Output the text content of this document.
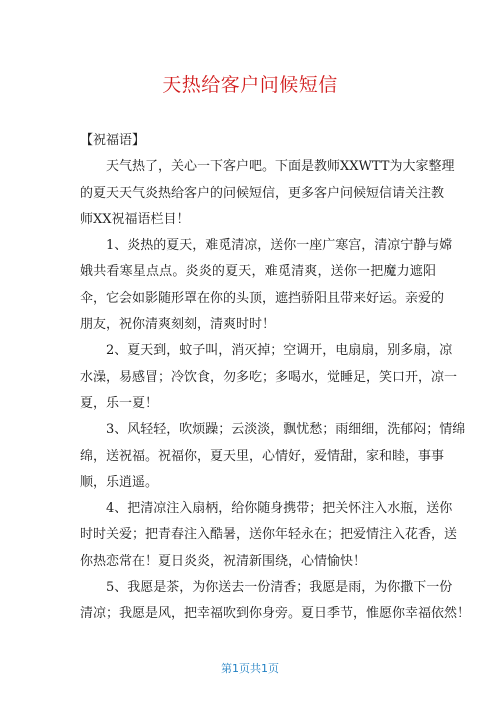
天热给客户问候短信
【祝福语】
天气热了，关心一下客户吧。下面是教师XXWTT为大家整理
的夏天天气炎热给客户的问候短信，更多客户问候短信请关注教
师XX祝福语栏目！
1、炎热的夏天，难觅清凉，送你一座广寒宫，清凉宁静与嫦
娥共看寒星点点。炎炎的夏天，难觅清爽，送你一把魔力遮阳
伞，它会如影随形罩在你的头顶，遮挡骄阳且带来好运。亲爱的
朋友，祝你清爽刻刻，清爽时时！
2、夏天到，蚊子叫，消灭掉；空调开，电扇扇，别多扇，凉
水澡，易感冒；冷饮食，勿多吃；多喝水，觉睡足，笑口开，凉一
夏，乐一夏！
3、风轻轻，吹烦躁；云淡淡，飘忧愁；雨细细，洗郁闷；情绵
绵，送祝福。祝福你，夏天里，心情好，爱情甜，家和睦，事事
顺，乐逍遥。
4、把清凉注入扇柄，给你随身携带；把关怀注入水瓶，送你
时时关爱；把青春注入酷暑，送你年轻永在；把爱情注入花香，送
你热恋常在！夏日炎炎，祝清新围绕，心情愉快！
5、我愿是茶，为你送去一份清香；我愿是雨，为你撒下一份
清凉；我愿是风，把幸福吹到你身旁。夏日季节，惟愿你幸福依然！
第1页共1页
